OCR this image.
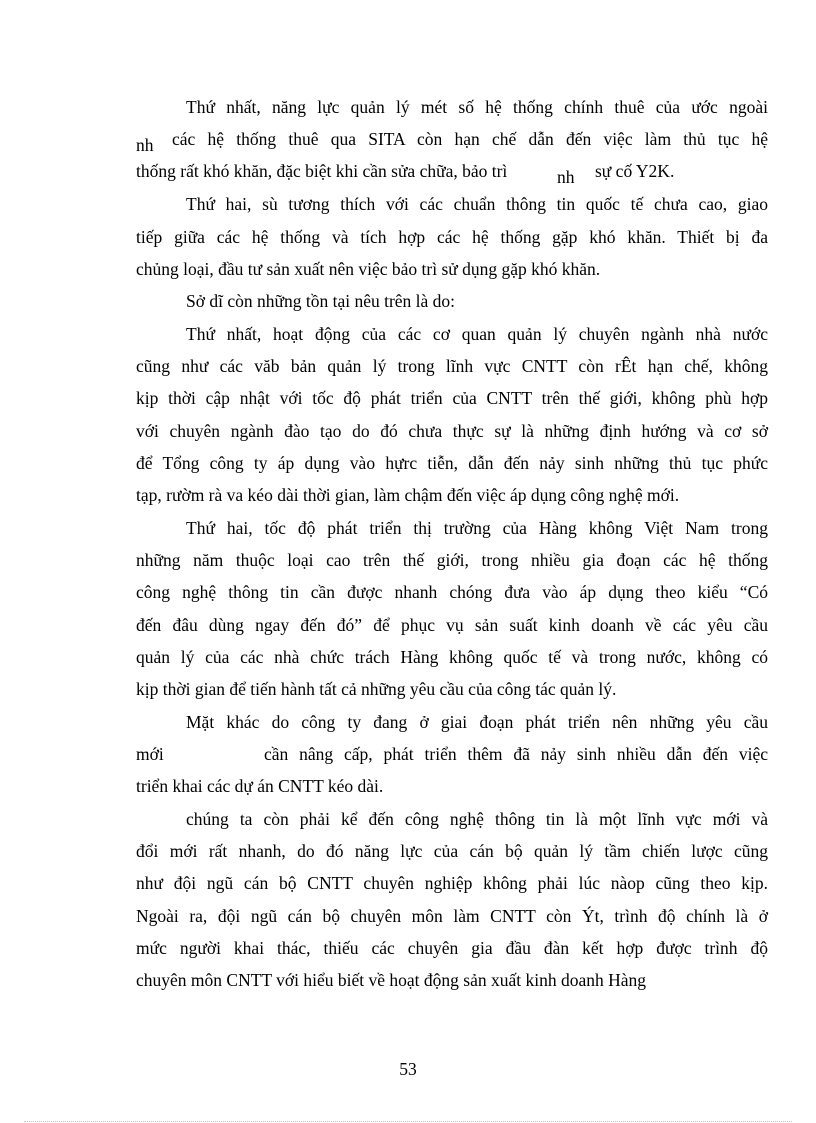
Thứ nhất, năng lực quản lý mét số hệ thống chính thuê của ước ngoài
nh các hệ thống thuê qua SITA còn hạn chế dẫn đến việc làm thủ tục hệ
thống rất khó khăn, đặc biệt khi cần sửa chữa, bảo trì	nh sự cố Y2K.
Thứ hai, sù tương thích với các chuẩn thông tin quốc tế chưa cao, giao
tiếp giữa các hệ thống và tích hợp các hệ thống gặp khó khăn. Thiết bị đa
chủng loại, đầu tư sản xuất nên việc bảo trì sử dụng gặp khó khăn.
Sở dĩ còn những tồn tại nêu trên là do:
Thứ nhất, hoạt động của các cơ quan quản lý chuyên ngành nhà nước
cũng như các văb bản quản lý trong lĩnh vực CNTT còn rÊt hạn chế, không
kịp thời cập nhật với tốc độ phát triển của CNTT trên thế giới, không phù hợp
với chuyên ngành đào tạo do đó chưa thực sự là những định hướng và cơ sở
để Tổng công ty áp dụng vào hựrc tiễn, dẫn đến nảy sinh những thủ tục phức
tạp, rườm rà va kéo dài thời gian, làm chậm đến việc áp dụng công nghệ mới.
Thứ hai, tốc độ phát triển thị trường của Hàng không Việt Nam trong
những năm thuộc loại cao trên thế giới, trong nhiều gia đoạn các hệ thống
công nghệ thông tin cần được nhanh chóng đưa vào áp dụng theo kiểu “Có
đến đâu dùng ngay đến đó” để phục vụ sản suất kinh doanh về các yêu cầu
quản lý của các nhà chức trách Hàng không quốc tế và trong nước, không có
kịp thời gian để tiến hành tất cả những yêu cầu của công tác quản lý.
Mặt khác do công ty đang ở giai đoạn phát triển nên những yêu cầu
mới	cần nâng cấp, phát triển thêm đã nảy sinh nhiều dẫn đến việc
triển khai các dự án CNTT kéo dài.
chúng ta còn phải kể đến công nghệ thông tin là một lĩnh vực mới và
đổi mới rất nhanh, do đó năng lực của cán bộ quản lý tầm chiến lược cũng
như đội ngũ cán bộ CNTT chuyên nghiệp không phải lúc nàop cũng theo kịp.
Ngoài ra, đội ngũ cán bộ chuyên môn làm CNTT còn Ýt, trình độ chính là ở
mức người khai thác, thiếu các chuyên gia đầu đàn kết hợp được trình độ
chuyên môn CNTT với hiểu biết về hoạt động sản xuất kinh doanh Hàng
53
